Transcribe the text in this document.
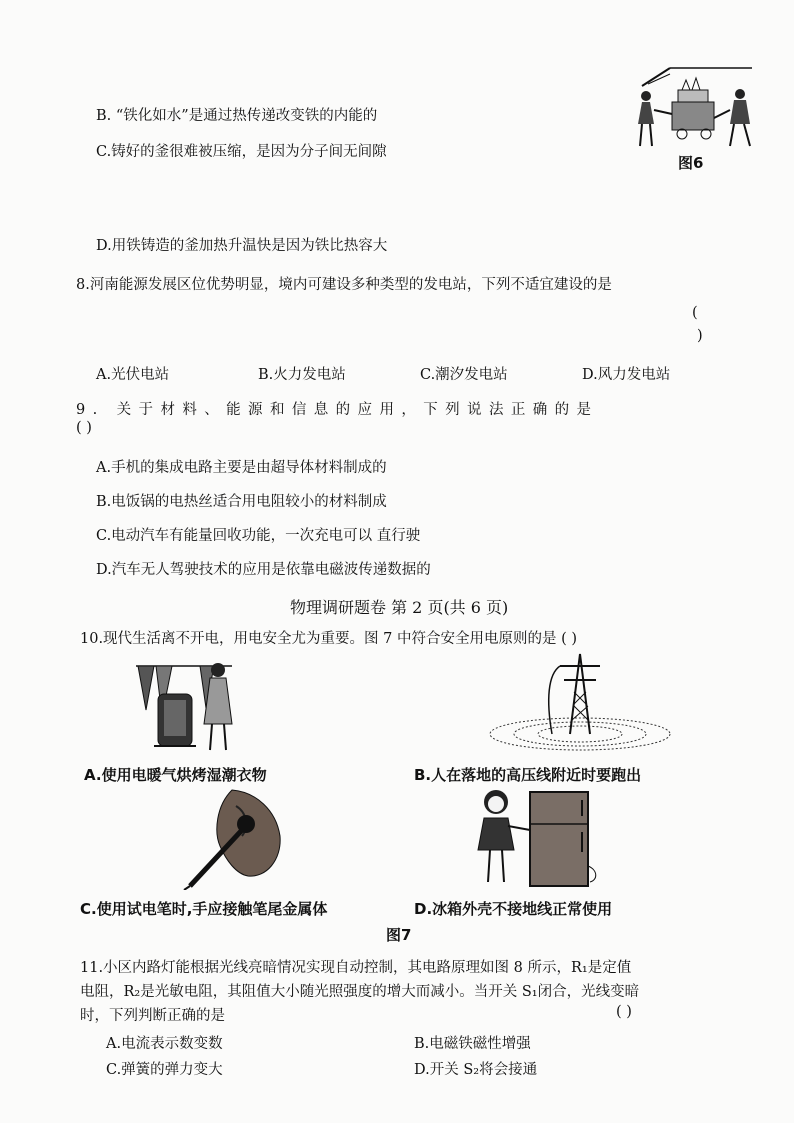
B. “铁化如水”是通过热传递改变铁的内能的
C.铸好的釜很难被压缩，是因为分子间无间隙
图6
D.用铁铸造的釜加热升温快是因为铁比热容大
8.河南能源发展区位优势明显，境内可建设多种类型的发电站，下列不适宜建设的是
(
)
A.光伏电站	B.火力发电站	C.潮汐发电站	D.风力发电站
9. 关于材料、能源和信息的应用，下列说法正确的是
( )
A.手机的集成电路主要是由超导体材料制成的
B.电饭锅的电热丝适合用电阻较小的材料制成
C.电动汽车有能量回收功能，一次充电可以 直行驶
D.汽车无人驾驶技术的应用是依靠电磁波传递数据的
物理调研题卷 第 2 页(共 6 页)
10.现代生活离不开电，用电安全尤为重要。图 7 中符合安全用电原则的是 ( )
A.使用电暖气烘烤湿潮衣物	B.人在落地的高压线附近时要跑出
C.使用试电笔时,手应接触笔尾金属体	D.冰箱外壳不接地线正常使用
图7
11.小区内路灯能根据光线亮暗情况实现自动控制，其电路原理如图 8 所示，R₁是定值
电阻，R₂是光敏电阻，其阻值大小随光照强度的增大而减小。当开关 S₁闭合，光线变暗
时，下列判断正确的是	( )
A.电流表示数变数	B.电磁铁磁性增强
C.弹簧的弹力变大	D.开关 S₂将会接通
